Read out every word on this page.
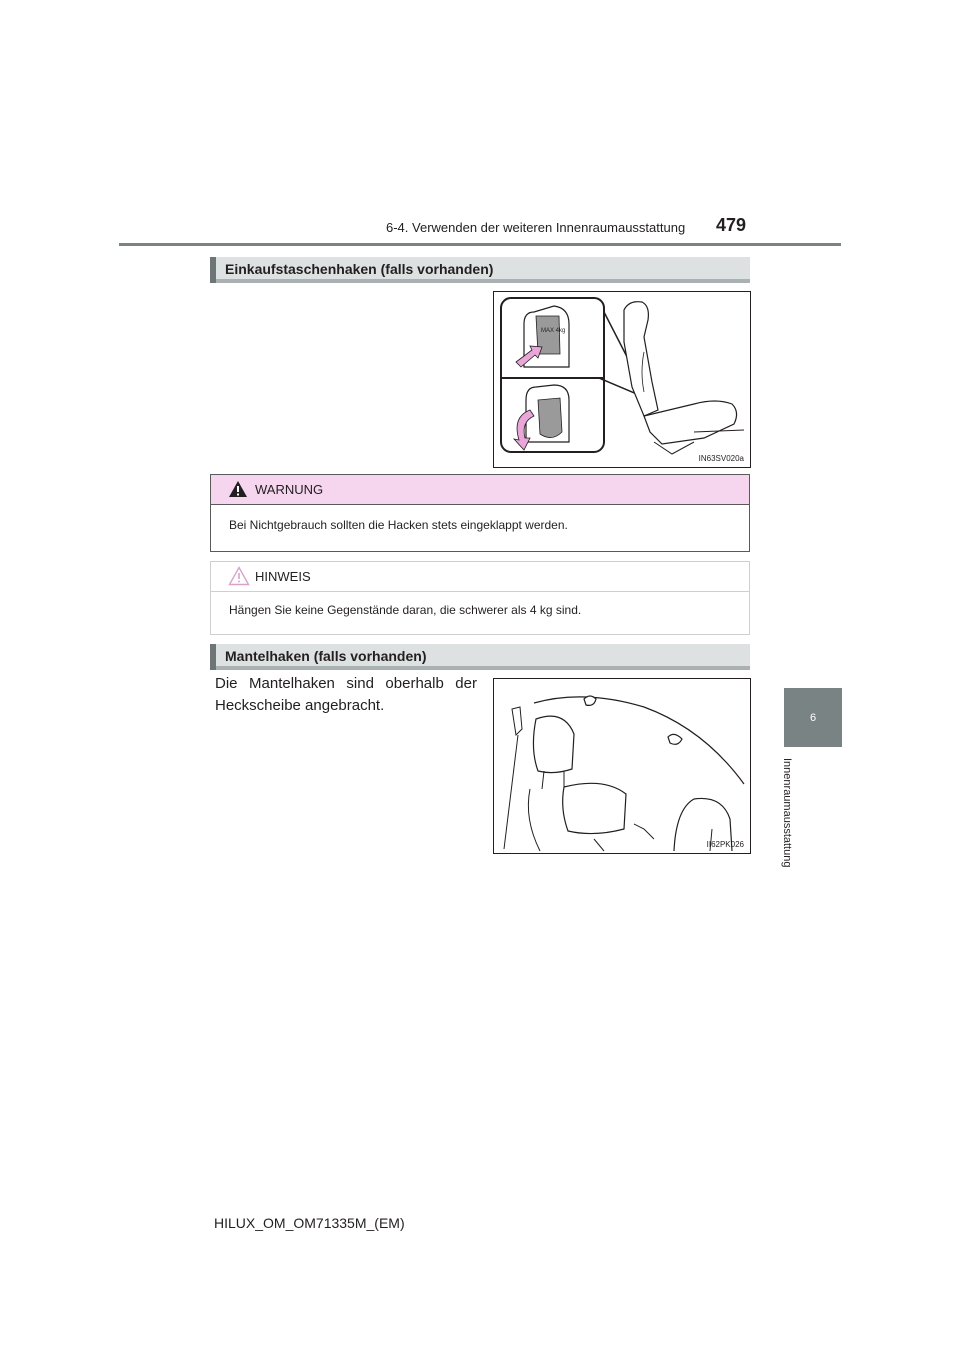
6-4. Verwenden der weiteren Innenraumausstattung 479
6
Innenraumausstattung
Einkaufstaschenhaken (falls vorhanden)
MAX 4kg
IN63SV020a
WARNUNG
Bei Nichtgebrauch sollten die Hacken stets eingeklappt werden.
HINWEIS
Hängen Sie keine Gegenstände daran, die schwerer als 4 kg sind.
Mantelhaken (falls vorhanden)
Die Mantelhaken sind oberhalb der Heckscheibe angebracht.
II62PK026
HILUX_OM_OM71335M_(EM)
